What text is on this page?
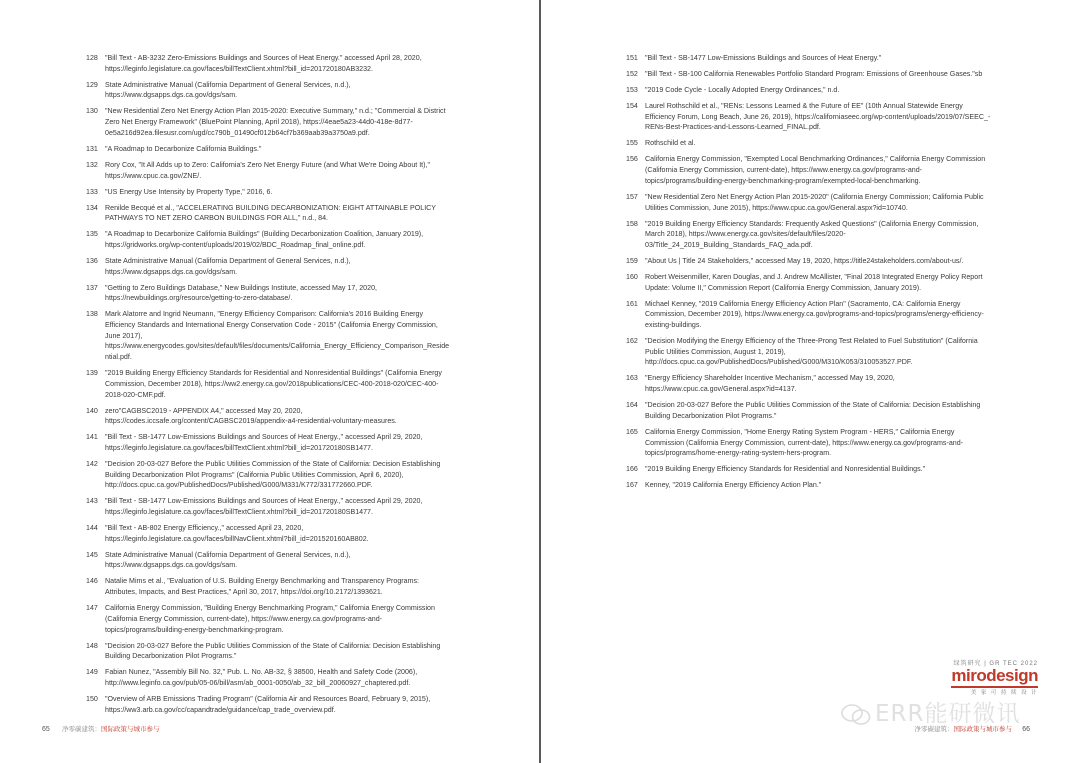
128	"Bill Text - AB-3232 Zero-Emissions Buildings and Sources of Heat Energy." accessed April 28, 2020, https://leginfo.legislature.ca.gov/faces/billTextClient.xhtml?bill_id=201720180AB3232.
129	State Administrative Manual (California Department of General Services, n.d.), https://www.dgsapps.dgs.ca.gov/dgs/sam.
130	"New Residential Zero Net Energy Action Plan 2015-2020: Executive Summary," n.d.; "Commercial & District Zero Net Energy Framework" (BluePoint Planning, April 2018), https://4eae5a23-44d0-418e-8d77-0e5a216d92ea.filesusr.com/ugd/cc790b_01490cf012b64cf7b369aab39a3750a9.pdf.
131	"A Roadmap to Decarbonize California Buildings."
132	Rory Cox, "It All Adds up to Zero: California's Zero Net Energy Future (and What We're Doing About It)," https://www.cpuc.ca.gov/ZNE/.
133	"US Energy Use Intensity by Property Type," 2016, 6.
134	Renilde Becqué et al., "ACCELERATING BUILDING DECARBONIZATION: EIGHT ATTAINABLE POLICY PATHWAYS TO NET ZERO CARBON BUILDINGS FOR ALL," n.d., 84.
135	"A Roadmap to Decarbonize California Buildings" (Building Decarbonization Coalition, January 2019), https://gridworks.org/wp-content/uploads/2019/02/BDC_Roadmap_final_online.pdf.
136	State Administrative Manual (California Department of General Services, n.d.), https://www.dgsapps.dgs.ca.gov/dgs/sam.
137	"Getting to Zero Buildings Database," New Buildings Institute, accessed May 17, 2020, https://newbuildings.org/resource/getting-to-zero-database/.
138	Mark Alatorre and Ingrid Neumann, "Energy Efficiency Comparison: California's 2016 Building Energy Efficiency Standards and International Energy Conservation Code - 2015" (California Energy Commission, June 2017), https://www.energycodes.gov/sites/default/files/documents/California_Energy_Efficiency_Comparison_Residential.pdf.
139	"2019 Building Energy Efficiency Standards for Residential and Nonresidential Buildings" (California Energy Commission, December 2018), https://ww2.energy.ca.gov/2018publications/CEC-400-2018-020/CEC-400-2018-020-CMF.pdf.
140	zero"CAGBSC2019 - APPENDIX A4," accessed May 20, 2020, https://codes.iccsafe.org/content/CAGBSC2019/appendix-a4-residential-voluntary-measures.
141	"Bill Text - SB-1477 Low-Emissions Buildings and Sources of Heat Energy.," accessed April 29, 2020, https://leginfo.legislature.ca.gov/faces/billTextClient.xhtml?bill_id=201720180SB1477.
142	"Decision 20-03-027 Before the Public Utilities Commission of the State of California: Decision Establishing Building Decarbonization Pilot Programs" (California Public Utilities Commission, April 6, 2020), http://docs.cpuc.ca.gov/PublishedDocs/Published/G000/M331/K772/331772660.PDF.
143	"Bill Text - SB-1477 Low-Emissions Buildings and Sources of Heat Energy.," accessed April 29, 2020, https://leginfo.legislature.ca.gov/faces/billTextClient.xhtml?bill_id=201720180SB1477.
144	"Bill Text - AB-802 Energy Efficiency.," accessed April 23, 2020, https://leginfo.legislature.ca.gov/faces/billNavClient.xhtml?bill_id=201520160AB802.
145	State Administrative Manual (California Department of General Services, n.d.), https://www.dgsapps.dgs.ca.gov/dgs/sam.
146	Natalie Mims et al., "Evaluation of U.S. Building Energy Benchmarking and Transparency Programs: Attributes, Impacts, and Best Practices," April 30, 2017, https://doi.org/10.2172/1393621.
147	California Energy Commission, "Building Energy Benchmarking Program," California Energy Commission (California Energy Commission, current-date), https://www.energy.ca.gov/programs-and-topics/programs/building-energy-benchmarking-program.
148	"Decision 20-03-027 Before the Public Utilities Commission of the State of California: Decision Establishing Building Decarbonization Pilot Programs."
149	Fabian Nunez, "Assembly Bill No. 32," Pub. L. No. AB-32, § 38500, Health and Safety Code (2006), http://www.leginfo.ca.gov/pub/05-06/bill/asm/ab_0001-0050/ab_32_bill_20060927_chaptered.pdf.
150	"Overview of ARB Emissions Trading Program" (California Air and Resources Board, February 9, 2015), https://ww3.arb.ca.gov/cc/capandtrade/guidance/cap_trade_overview.pdf.
净零碳建筑：国际政策与城市参与
65
151	"Bill Text - SB-1477 Low-Emissions Buildings and Sources of Heat Energy."
152	"Bill Text - SB-100 California Renewables Portfolio Standard Program: Emissions of Greenhouse Gases."sb
153	"2019 Code Cycle - Locally Adopted Energy Ordinances," n.d.
154	Laurel Rothschild et al., "RENs: Lessons Learned & the Future of EE" (10th Annual Statewide Energy Efficiency Forum, Long Beach, June 26, 2019), https://californiaseec.org/wp-content/uploads/2019/07/SEEC_-RENs-Best-Practices-and-Lessons-Learned_FINAL.pdf.
155	Rothschild et al.
156	California Energy Commission, "Exempted Local Benchmarking Ordinances," California Energy Commission (California Energy Commission, current-date), https://www.energy.ca.gov/programs-and-topics/programs/building-energy-benchmarking-program/exempted-local-benchmarking.
157	"New Residential Zero Net Energy Action Plan 2015-2020" (California Energy Commission; California Public Utilities Commission, June 2015), https://www.cpuc.ca.gov/General.aspx?id=10740.
158	"2019 Building Energy Efficiency Standards: Frequently Asked Questions" (California Energy Commission, March 2018), https://www.energy.ca.gov/sites/default/files/2020-03/Title_24_2019_Building_Standards_FAQ_ada.pdf.
159	"About Us | Title 24 Stakeholders," accessed May 19, 2020, https://title24stakeholders.com/about-us/.
160	Robert Weisenmiller, Karen Douglas, and J. Andrew McAllister, "Final 2018 Integrated Energy Policy Report Update: Volume II," Commission Report (California Energy Commission, January 2019).
161	Michael Kenney, "2019 California Energy Efficiency Action Plan" (Sacramento, CA: California Energy Commission, December 2019), https://www.energy.ca.gov/programs-and-topics/programs/energy-efficiency-existing-buildings.
162	"Decision Modifying the Energy Efficiency of the Three-Prong Test Related to Fuel Substitution" (California Public Utilities Commission, August 1, 2019), http://docs.cpuc.ca.gov/PublishedDocs/Published/G000/M310/K053/310053527.PDF.
163	"Energy Efficiency Shareholder Incentive Mechanism," accessed May 19, 2020, https://www.cpuc.ca.gov/General.aspx?id=4137.
164	"Decision 20-03-027 Before the Public Utilities Commission of the State of California: Decision Establishing Building Decarbonization Pilot Programs."
165	California Energy Commission, "Home Energy Rating System Program - HERS," California Energy Commission (California Energy Commission, current-date), https://www.energy.ca.gov/programs-and-topics/programs/home-energy-rating-system-hers-program.
166	"2019 Building Energy Efficiency Standards for Residential and Nonresidential Buildings."
167	Kenney, "2019 California Energy Efficiency Action Plan."
绿筑研究 | GR TEC 2022
mirodesign
美 家 可 持 续 设 计
ERR能研微讯
净零碳建筑：国际政策与城市参与 66
